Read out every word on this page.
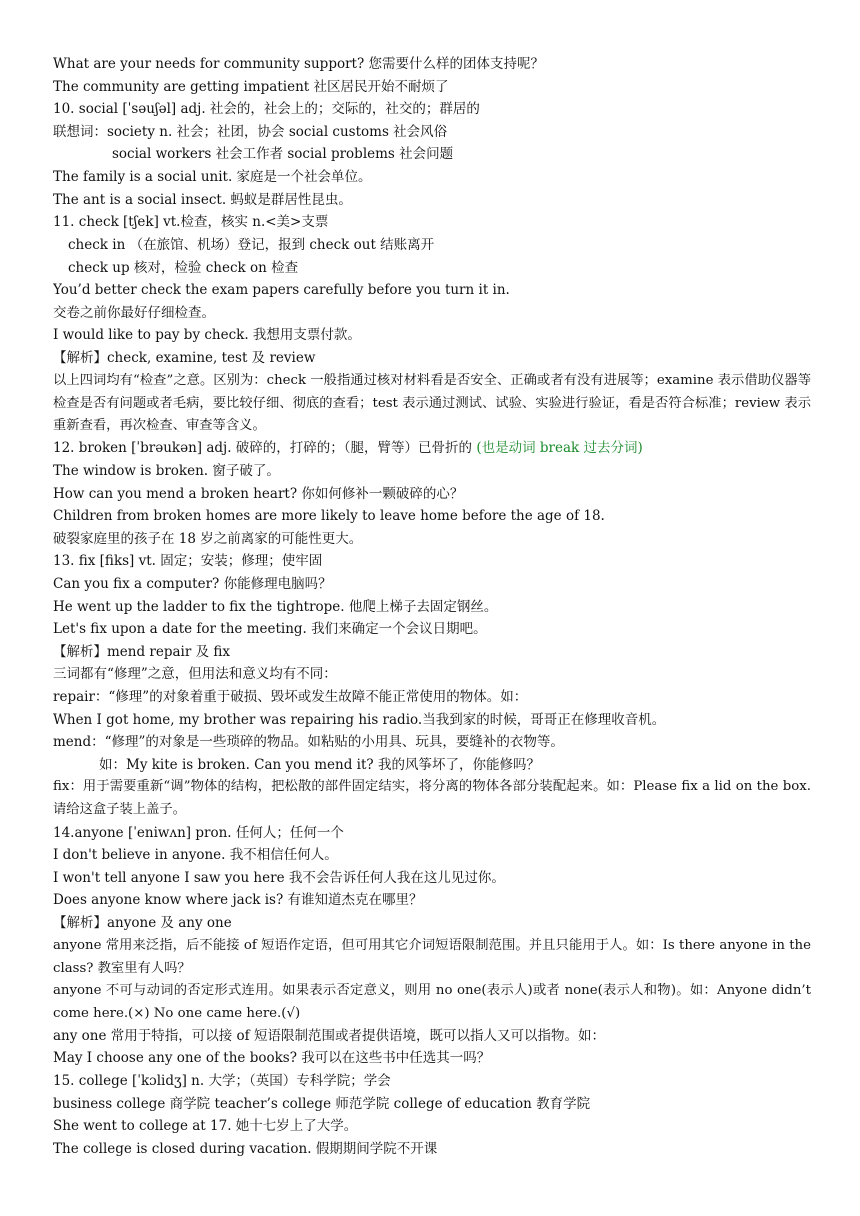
What are your needs for community support? 您需要什么样的团体支持呢？
The community are getting impatient 社区居民开始不耐烦了
10. social [ˈsəuʃəl] adj. 社会的，社会上的；交际的，社交的；群居的
联想词：society n. 社会；社团，协会 social customs 社会风俗
social workers 社会工作者 social problems 社会问题
The family is a social unit. 家庭是一个社会单位。
The ant is a social insect. 蚂蚁是群居性昆虫。
11. check [tʃek] vt.检查，核实 n.<美>支票
check in （在旅馆、机场）登记，报到 check out 结账离开
check up 核对，检验 check on 检查
You’d better check the exam papers carefully before you turn it in.
交卷之前你最好仔细检查。
I would like to pay by check. 我想用支票付款。
【解析】check, examine, test 及 review
以上四词均有“检查”之意。区别为：check 一般指通过核对材料看是否安全、正确或者有没有进展等；examine 表示借助仪器等检查是否有问题或者毛病，要比较仔细、彻底的查看；test 表示通过测试、试验、实验进行验证，看是否符合标准；review 表示重新查看，再次检查、审查等含义。
12. broken [ˈbrəukən] adj. 破碎的，打碎的；（腿，臂等）已骨折的 (也是动词 break 过去分词)
The window is broken. 窗子破了。
How can you mend a broken heart? 你如何修补一颗破碎的心？
Children from broken homes are more likely to leave home before the age of 18.
破裂家庭里的孩子在 18 岁之前离家的可能性更大。
13. fix [fiks] vt. 固定；安装；修理；使牢固
Can you fix a computer? 你能修理电脑吗？
He went up the ladder to fix the tightrope. 他爬上梯子去固定钢丝。
Let's fix upon a date for the meeting. 我们来确定一个会议日期吧。
【解析】mend repair 及 fix
三词都有“修理”之意，但用法和意义均有不同：
repair：“修理”的对象着重于破损、毁坏或发生故障不能正常使用的物体。如：
When I got home, my brother was repairing his radio.当我到家的时候，哥哥正在修理收音机。
mend：“修理”的对象是一些琐碎的物品。如粘贴的小用具、玩具，要缝补的衣物等。
如：My kite is broken. Can you mend it? 我的风筝坏了，你能修吗？
fix：用于需要重新“调”物体的结构，把松散的部件固定结实，将分离的物体各部分装配起来。如：Please fix a lid on the box. 请给这盒子装上盖子。
14.anyone [ˈeniwʌn] pron. 任何人；任何一个
I don't believe in anyone. 我不相信任何人。
I won't tell anyone I saw you here 我不会告诉任何人我在这儿见过你。
Does anyone know where jack is? 有谁知道杰克在哪里？
【解析】anyone 及 any one
anyone 常用来泛指，后不能接 of 短语作定语，但可用其它介词短语限制范围。并且只能用于人。如：Is there anyone in the class? 教室里有人吗？
anyone 不可与动词的否定形式连用。如果表示否定意义，则用 no one(表示人)或者 none(表示人和物)。如：Anyone didn’t come here.(×) No one came here.(√)
any one 常用于特指，可以接 of 短语限制范围或者提供语境，既可以指人又可以指物。如：
May I choose any one of the books? 我可以在这些书中任选其一吗？
15. college [ˈkɔlidʒ] n. 大学；（英国）专科学院；学会
business college 商学院 teacher’s college 师范学院 college of education 教育学院
She went to college at 17. 她十七岁上了大学。
The college is closed during vacation. 假期期间学院不开课
